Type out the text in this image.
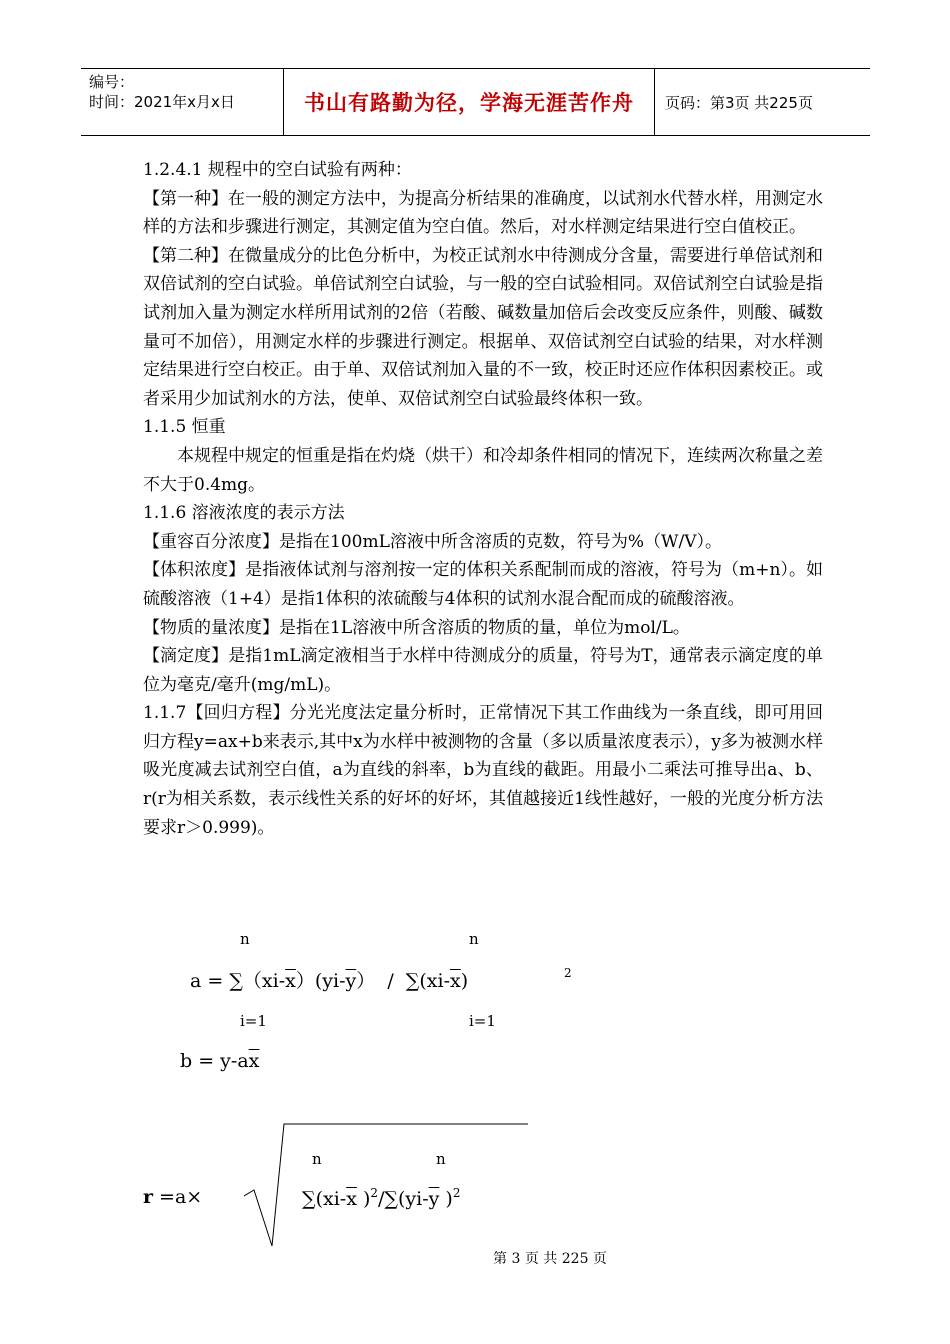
编号：
时间：2021年x月x日	书山有路勤为径，学海无涯苦作舟	页码：第3页 共225页

1.2.4.1 规程中的空白试验有两种：

【第一种】在一般的测定方法中，为提高分析结果的准确度，以试剂水代替水样，用测定水样的方法和步骤进行测定，其测定值为空白值。然后，对水样测定结果进行空白值校正。

【第二种】在微量成分的比色分析中，为校正试剂水中待测成分含量，需要进行单倍试剂和双倍试剂的空白试验。单倍试剂空白试验，与一般的空白试验相同。双倍试剂空白试验是指试剂加入量为测定水样所用试剂的2倍（若酸、碱数量加倍后会改变反应条件，则酸、碱数量可不加倍），用测定水样的步骤进行测定。根据单、双倍试剂空白试验的结果，对水样测定结果进行空白校正。由于单、双倍试剂加入量的不一致，校正时还应作体积因素校正。或者采用少加试剂水的方法，使单、双倍试剂空白试验最终体积一致。

1.1.5 恒重

本规程中规定的恒重是指在灼烧（烘干）和冷却条件相同的情况下，连续两次称量之差不大于0.4mg。

1.1.6 溶液浓度的表示方法

【重容百分浓度】是指在100mL溶液中所含溶质的克数，符号为%（W/V）。

【体积浓度】是指液体试剂与溶剂按一定的体积关系配制而成的溶液，符号为（m+n）。如硫酸溶液（1+4）是指1体积的浓硫酸与4体积的试剂水混合配而成的硫酸溶液。

【物质的量浓度】是指在1L溶液中所含溶质的物质的量，单位为mol/L。

【滴定度】是指1mL滴定液相当于水样中待测成分的质量，符号为T，通常表示滴定度的单位为毫克/毫升(mg/mL)。

1.1.7【回归方程】分光光度法定量分析时，正常情况下其工作曲线为一条直线，即可用回归方程y=ax+b来表示,其中x为水样中被测物的含量（多以质量浓度表示），y多为被测水样吸光度减去试剂空白值，a为直线的斜率，b为直线的截距。用最小二乘法可推导出a、b、r(r为相关系数，表示线性关系的好坏的好坏，其值越接近1线性越好，一般的光度分析方法要求r＞0.999)。

n	n
$a = \sum(xi-\overline{x})(yi-\overline{y}) / \sum(xi-\overline{x})$	2
i=1	i=1
$b = y-a\overline{x}$
n	n
r =a×	$\sum(xi-\overline{x}$ )$^2/\sum(yi-\overline{y}$ )$^2$
第 3 页 共 225 页
